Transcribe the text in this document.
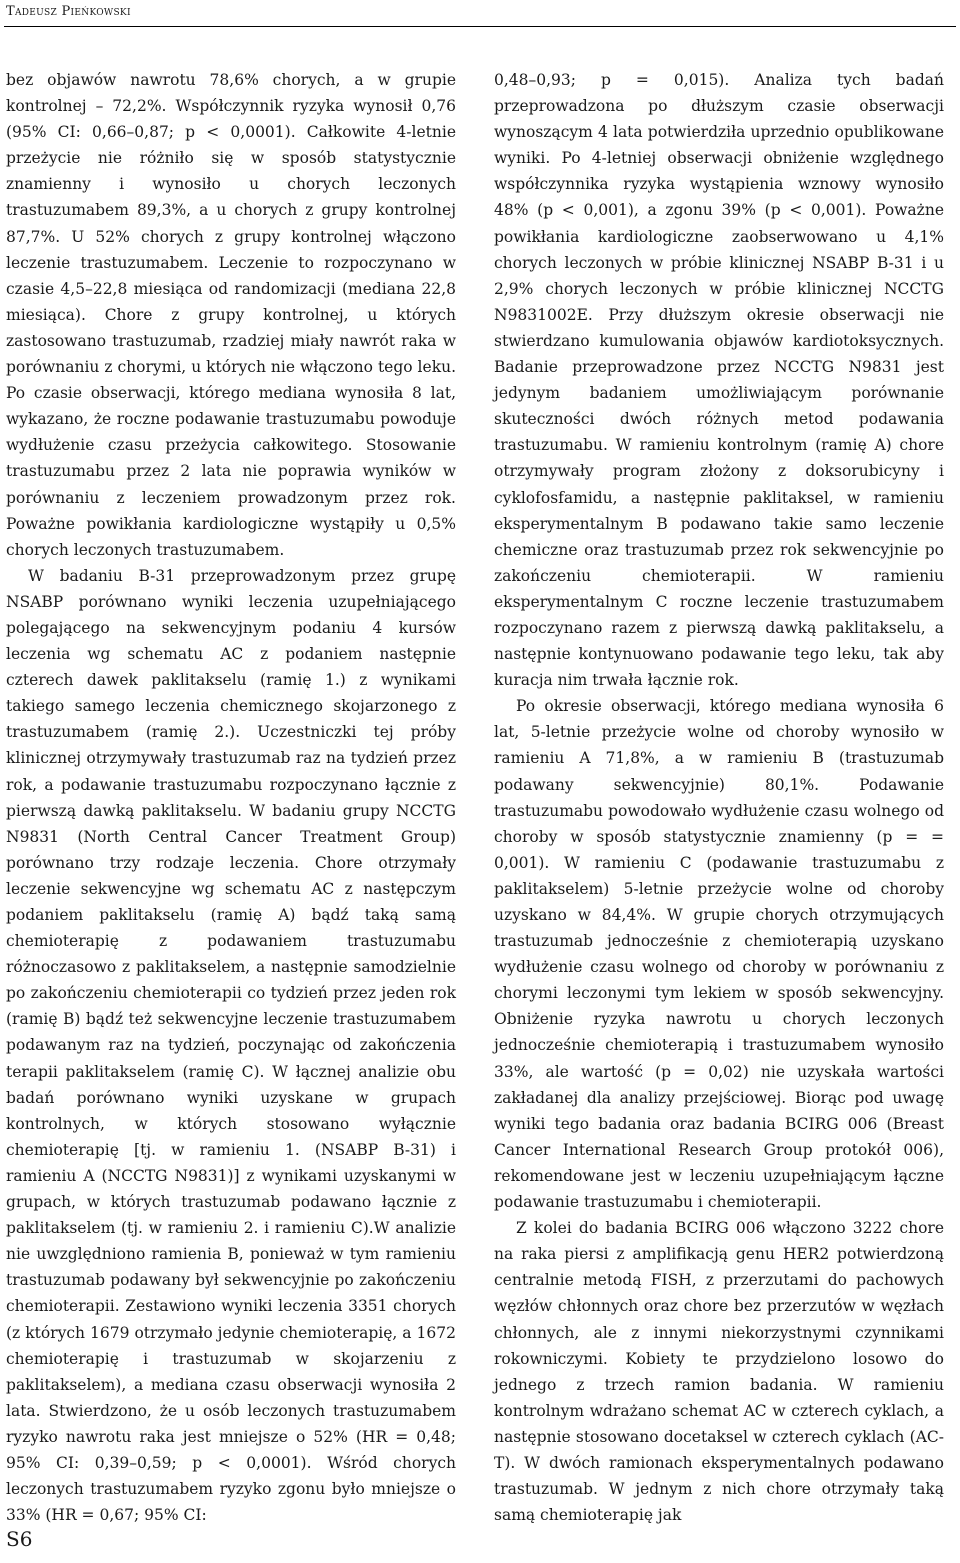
Tadeusz Pieńkowski

bez objawów nawrotu 78,6% chorych, a w grupie kontrolnej – 72,2%. Współczynnik ryzyka wynosił 0,76 (95% CI: 0,66–0,87; p < 0,0001). Całkowite 4-letnie przeżycie nie różniło się w sposób statystycznie znamienny i wynosiło u chorych leczonych trastuzumabem 89,3%, a u chorych z grupy kontrolnej 87,7%. U 52% chorych z grupy kontrolnej włączono leczenie trastuzumabem. Leczenie to rozpoczynano w czasie 4,5–22,8 miesiąca od randomizacji (mediana 22,8 miesiąca). Chore z grupy kontrolnej, u których zastosowano trastuzumab, rzadziej miały nawrót raka w porównaniu z chorymi, u których nie włączono tego leku. Po czasie obserwacji, którego mediana wynosiła 8 lat, wykazano, że roczne podawanie trastuzumabu powoduje wydłużenie czasu przeżycia całkowitego. Stosowanie trastuzumabu przez 2 lata nie poprawia wyników w porównaniu z leczeniem prowadzonym przez rok. Poważne powikłania kardiologiczne wystąpiły u 0,5% chorych leczonych trastuzumabem.

W badaniu B-31 przeprowadzonym przez grupę NSABP porównano wyniki leczenia uzupełniającego polegającego na sekwencyjnym podaniu 4 kursów leczenia wg schematu AC z podaniem następnie czterech dawek paklitakselu (ramię 1.) z wynikami takiego samego leczenia chemicznego skojarzonego z trastuzumabem (ramię 2.). Uczestniczki tej próby klinicznej otrzymywały trastuzumab raz na tydzień przez rok, a podawanie trastuzumabu rozpoczynano łącznie z pierwszą dawką paklitakselu. W badaniu grupy NCCTG N9831 (North Central Cancer Treatment Group) porównano trzy rodzaje leczenia. Chore otrzymały leczenie sekwencyjne wg schematu AC z następczym podaniem paklitakselu (ramię A) bądź taką samą chemioterapię z podawaniem trastuzumabu różnoczasowo z paklitakselem, a następnie samodzielnie po zakończeniu chemioterapii co tydzień przez jeden rok (ramię B) bądź też sekwencyjne leczenie trastuzumabem podawanym raz na tydzień, poczynając od zakończenia terapii paklitakselem (ramię C). W łącznej analizie obu badań porównano wyniki uzyskane w grupach kontrolnych, w których stosowano wyłącznie chemioterapię [tj. w ramieniu 1. (NSABP B-31) i ramieniu A (NCCTG N9831)] z wynikami uzyskanymi w grupach, w których trastuzumab podawano łącznie z paklitakselem (tj. w ramieniu 2. i ramieniu C).W analizie nie uwzględniono ramienia B, ponieważ w tym ramieniu trastuzumab podawany był sekwencyjnie po zakończeniu chemioterapii. Zestawiono wyniki leczenia 3351 chorych (z których 1679 otrzymało jedynie chemioterapię, a 1672 chemioterapię i trastuzumab w skojarzeniu z paklitakselem), a mediana czasu obserwacji wynosiła 2 lata. Stwierdzono, że u osób leczonych trastuzumabem ryzyko nawrotu raka jest mniejsze o 52% (HR = 0,48; 95% CI: 0,39–0,59; p < 0,0001). Wśród chorych leczonych trastuzumabem ryzyko zgonu było mniejsze o 33% (HR = 0,67; 95% CI:

0,48–0,93; p = 0,015). Analiza tych badań przeprowadzona po dłuższym czasie obserwacji wynoszącym 4 lata potwierdziła uprzednio opublikowane wyniki. Po 4-letniej obserwacji obniżenie względnego współczynnika ryzyka wystąpienia wznowy wynosiło 48% (p < 0,001), a zgonu 39% (p < 0,001). Poważne powikłania kardiologiczne zaobserwowano u 4,1% chorych leczonych w próbie klinicznej NSABP B-31 i u 2,9% chorych leczonych w próbie klinicznej NCCTG N9831002E. Przy dłuższym okresie obserwacji nie stwierdzano kumulowania objawów kardiotoksycznych. Badanie przeprowadzone przez NCCTG N9831 jest jedynym badaniem umożliwiającym porównanie skuteczności dwóch różnych metod podawania trastuzumabu. W ramieniu kontrolnym (ramię A) chore otrzymywały program złożony z doksorubicyny i cyklofosfamidu, a następnie paklitaksel, w ramieniu eksperymentalnym B podawano takie samo leczenie chemiczne oraz trastuzumab przez rok sekwencyjnie po zakończeniu chemioterapii. W ramieniu eksperymentalnym C roczne leczenie trastuzumabem rozpoczynano razem z pierwszą dawką paklitakselu, a następnie kontynuowano podawanie tego leku, tak aby kuracja nim trwała łącznie rok.

Po okresie obserwacji, którego mediana wynosiła 6 lat, 5-letnie przeżycie wolne od choroby wynosiło w ramieniu A 71,8%, a w ramieniu B (trastuzumab podawany sekwencyjnie) 80,1%. Podawanie trastuzumabu powodowało wydłużenie czasu wolnego od choroby w sposób statystycznie znamienny (p = = 0,001). W ramieniu C (podawanie trastuzumabu z paklitakselem) 5-letnie przeżycie wolne od choroby uzyskano w 84,4%. W grupie chorych otrzymujących trastuzumab jednocześnie z chemioterapią uzyskano wydłużenie czasu wolnego od choroby w porównaniu z chorymi leczonymi tym lekiem w sposób sekwencyjny. Obniżenie ryzyka nawrotu u chorych leczonych jednocześnie chemioterapią i trastuzumabem wynosiło 33%, ale wartość (p = 0,02) nie uzyskała wartości zakładanej dla analizy przejściowej. Biorąc pod uwagę wyniki tego badania oraz badania BCIRG 006 (Breast Cancer International Research Group protokół 006), rekomendowane jest w leczeniu uzupełniającym łączne podawanie trastuzumabu i chemioterapii.

Z kolei do badania BCIRG 006 włączono 3222 chore na raka piersi z amplifikacją genu HER2 potwierdzoną centralnie metodą FISH, z przerzutami do pachowych węzłów chłonnych oraz chore bez przerzutów w węzłach chłonnych, ale z innymi niekorzystnymi czynnikami rokowniczymi. Kobiety te przydzielono losowo do jednego z trzech ramion badania. W ramieniu kontrolnym wdrażano schemat AC w czterech cyklach, a następnie stosowano docetaksel w czterech cyklach (AC-T). W dwóch ramionach eksperymentalnych podawano trastuzumab. W jednym z nich chore otrzymały taką samą chemioterapię jak

S6
